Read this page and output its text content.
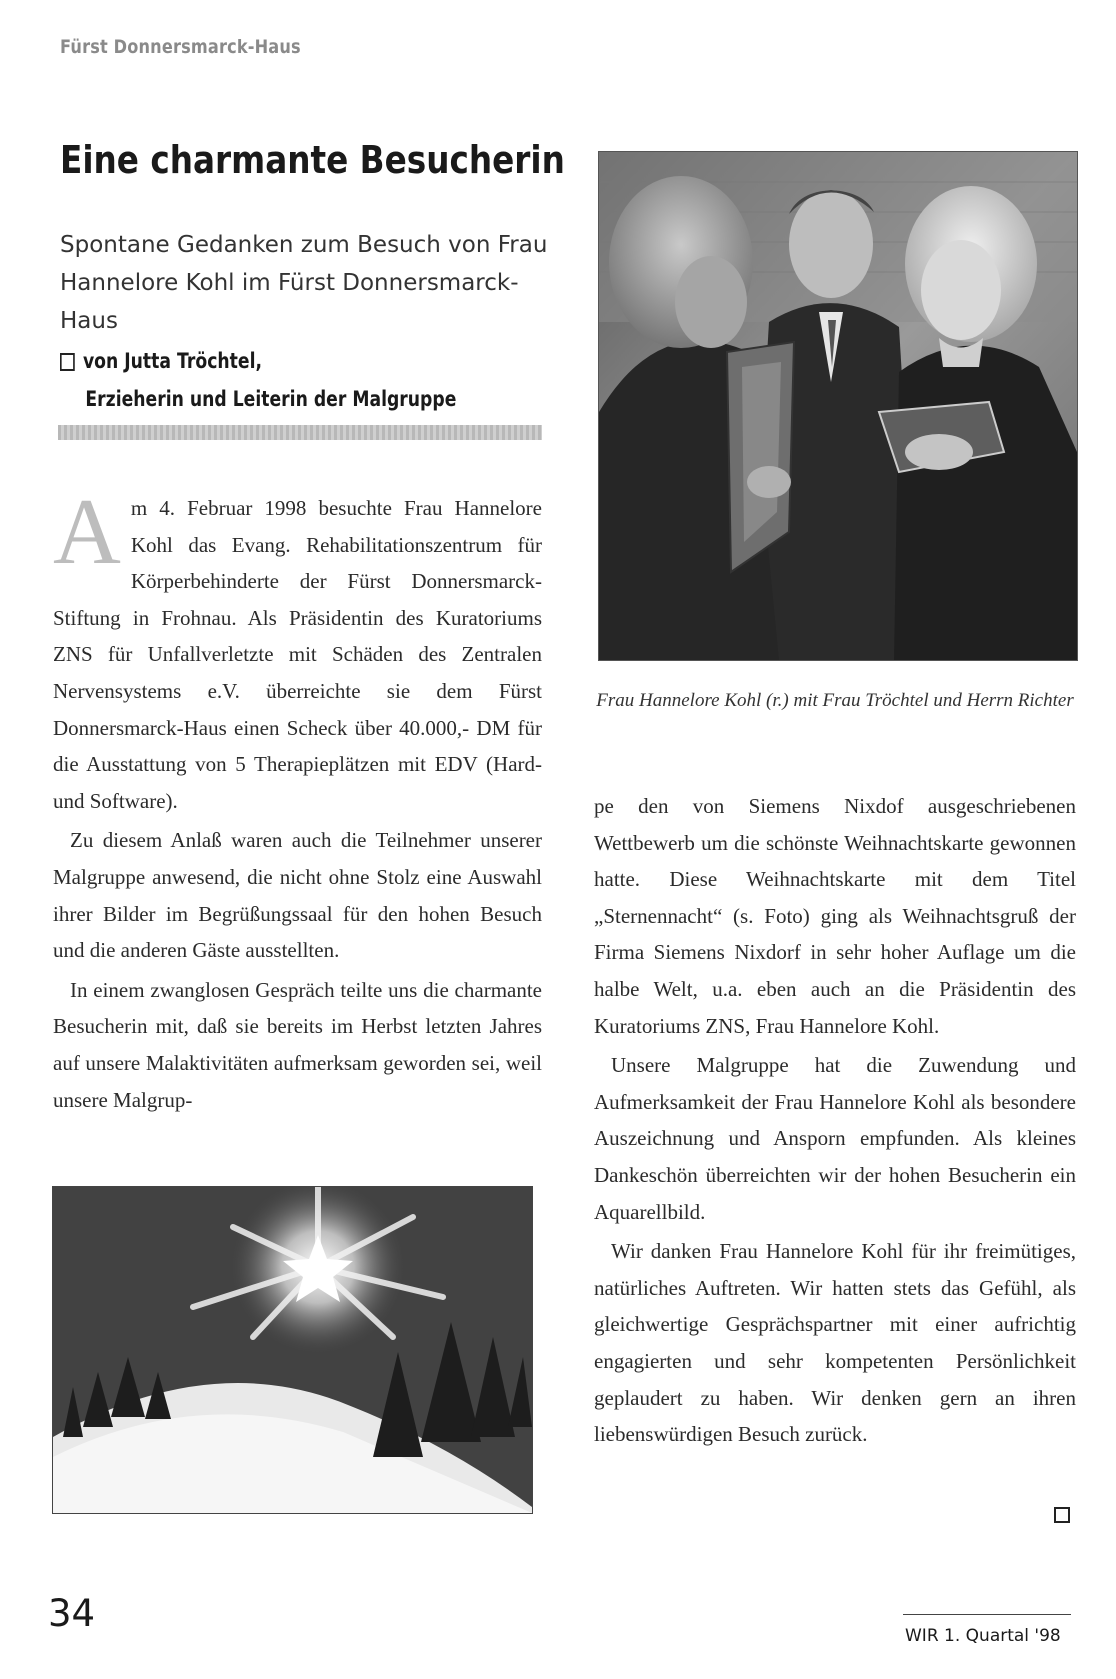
Fürst Donnersmarck-Haus
Eine charmante Besucherin

Spontane Gedanken zum Besuch von Frau Hannelore Kohl im Fürst Donnersmarck-Haus

von Jutta Tröchtel,
Erzieherin und Leiterin der Malgruppe

Am 4. Februar 1998 besuchte Frau Hannelore Kohl das Evang. Rehabilitationszentrum für Körperbehinderte der Fürst Donnersmarck-Stiftung in Frohnau. Als Präsidentin des Kuratoriums ZNS für Unfallverletzte mit Schäden des Zentralen Nervensystems e.V. überreichte sie dem Fürst Donnersmarck-Haus einen Scheck über 40.000,- DM für die Ausstattung von 5 Therapieplätzen mit EDV (Hard- und Software).

Zu diesem Anlaß waren auch die Teilnehmer unserer Malgruppe anwesend, die nicht ohne Stolz eine Auswahl ihrer Bilder im Begrüßungssaal für den hohen Besuch und die anderen Gäste ausstellten.

In einem zwanglosen Gespräch teilte uns die charmante Besucherin mit, daß sie bereits im Herbst letzten Jahres auf unsere Malaktivitäten aufmerksam geworden sei, weil unsere Malgrup-

Frau Hannelore Kohl (r.) mit Frau Tröchtel und Herrn Richter

pe den von Siemens Nixdof ausgeschriebenen Wettbewerb um die schönste Weihnachtskarte gewonnen hatte. Diese Weihnachtskarte mit dem Titel „Sternennacht“ (s. Foto) ging als Weihnachtsgruß der Firma Siemens Nixdorf in sehr hoher Auflage um die halbe Welt, u.a. eben auch an die Präsidentin des Kuratoriums ZNS, Frau Hannelore Kohl.

Unsere Malgruppe hat die Zuwendung und Aufmerksamkeit der Frau Hannelore Kohl als besondere Auszeichnung und Ansporn empfunden. Als kleines Dankeschön überreichten wir der hohen Besucherin ein Aquarellbild.

Wir danken Frau Hannelore Kohl für ihr freimütiges, natürliches Auftreten. Wir hatten stets das Gefühl, als gleichwertige Gesprächspartner mit einer aufrichtig engagierten und sehr kompetenten Persönlichkeit geplaudert zu haben. Wir denken gern an ihren liebenswürdigen Besuch zurück.

34
WIR 1. Quartal '98
